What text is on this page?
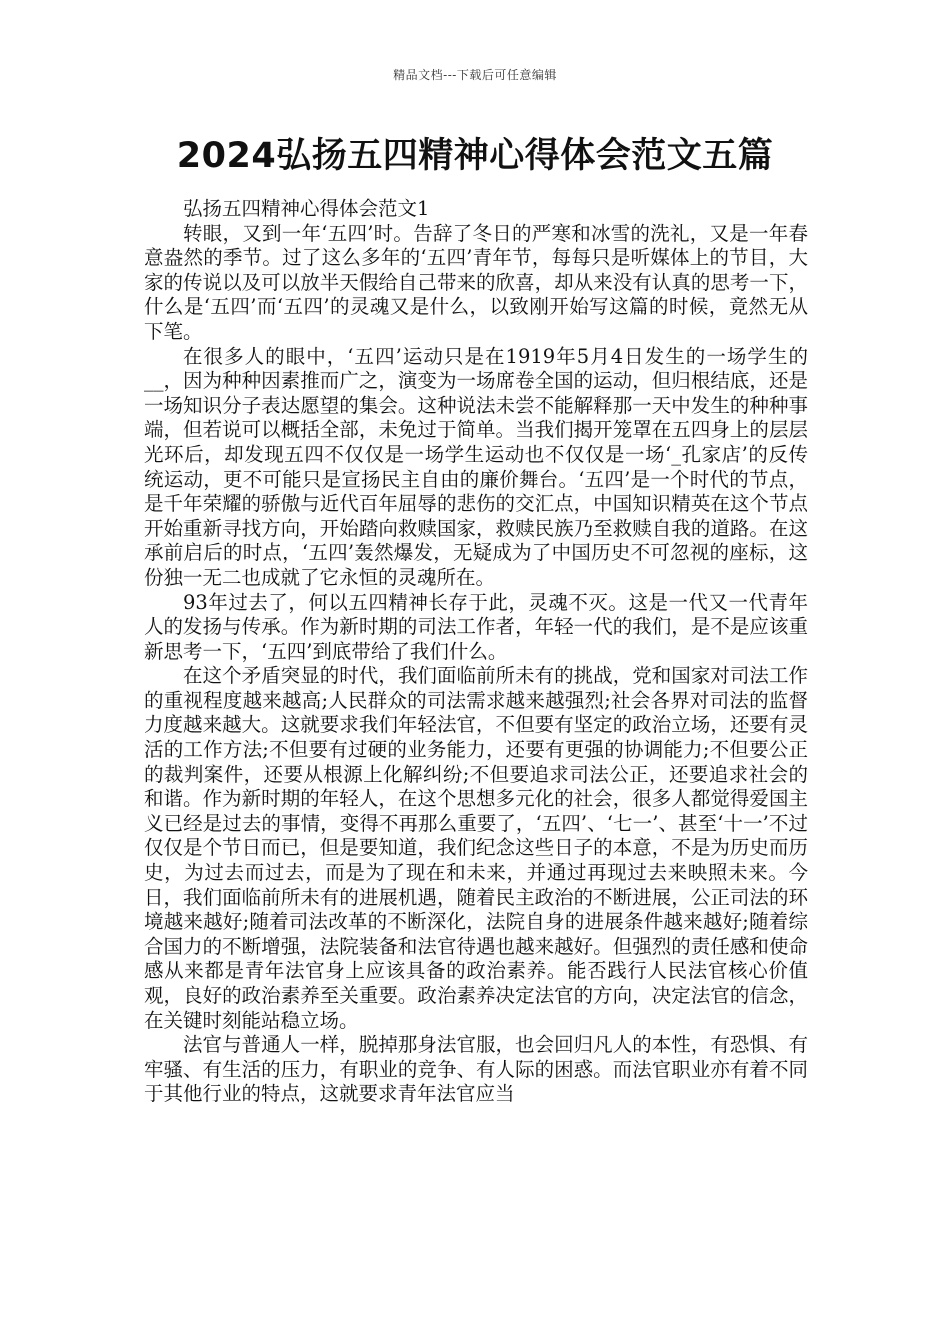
精品文档---下载后可任意编辑
2024弘扬五四精神心得体会范文五篇

弘扬五四精神心得体会范文1

转眼，又到一年‘五四’时。告辞了冬日的严寒和冰雪的洗礼，又是一年春意盎然的季节。过了这么多年的‘五四’青年节，每每只是听媒体上的节目，大家的传说以及可以放半天假给自己带来的欣喜，却从来没有认真的思考一下，什么是‘五四’而‘五四’的灵魂又是什么，以致刚开始写这篇的时候，竟然无从下笔。

在很多人的眼中，‘五四’运动只是在1919年5月4日发生的一场学生的__，因为种种因素推而广之，演变为一场席卷全国的运动，但归根结底，还是一场知识分子表达愿望的集会。这种说法未尝不能解释那一天中发生的种种事端，但若说可以概括全部，未免过于简单。当我们揭开笼罩在五四身上的层层光环后，却发现五四不仅仅是一场学生运动也不仅仅是一场‘_孔家店’的反传统运动，更不可能只是宣扬民主自由的廉价舞台。‘五四’是一个时代的节点，是千年荣耀的骄傲与近代百年屈辱的悲伤的交汇点，中国知识精英在这个节点开始重新寻找方向，开始踏向救赎国家，救赎民族乃至救赎自我的道路。在这承前启后的时点，‘五四’轰然爆发，无疑成为了中国历史不可忽视的座标，这份独一无二也成就了它永恒的灵魂所在。

93年过去了，何以五四精神长存于此，灵魂不灭。这是一代又一代青年人的发扬与传承。作为新时期的司法工作者，年轻一代的我们，是不是应该重新思考一下，‘五四’到底带给了我们什么。

在这个矛盾突显的时代，我们面临前所未有的挑战，党和国家对司法工作的重视程度越来越高;人民群众的司法需求越来越强烈;社会各界对司法的监督力度越来越大。这就要求我们年轻法官，不但要有坚定的政治立场，还要有灵活的工作方法;不但要有过硬的业务能力，还要有更强的协调能力;不但要公正的裁判案件，还要从根源上化解纠纷;不但要追求司法公正，还要追求社会的和谐。作为新时期的年轻人，在这个思想多元化的社会，很多人都觉得爱国主义已经是过去的事情，变得不再那么重要了，‘五四’、‘七一’、甚至‘十一’不过仅仅是个节日而已，但是要知道，我们纪念这些日子的本意，不是为历史而历史，为过去而过去，而是为了现在和未来，并通过再现过去来映照未来。今日，我们面临前所未有的进展机遇，随着民主政治的不断进展，公正司法的环境越来越好;随着司法改革的不断深化，法院自身的进展条件越来越好;随着综合国力的不断增强，法院装备和法官待遇也越来越好。但强烈的责任感和使命感从来都是青年法官身上应该具备的政治素养。能否践行人民法官核心价值观，良好的政治素养至关重要。政治素养决定法官的方向，决定法官的信念，在关键时刻能站稳立场。

法官与普通人一样，脱掉那身法官服，也会回归凡人的本性，有恐惧、有牢骚、有生活的压力，有职业的竞争、有人际的困惑。而法官职业亦有着不同于其他行业的特点，这就要求青年法官应当
